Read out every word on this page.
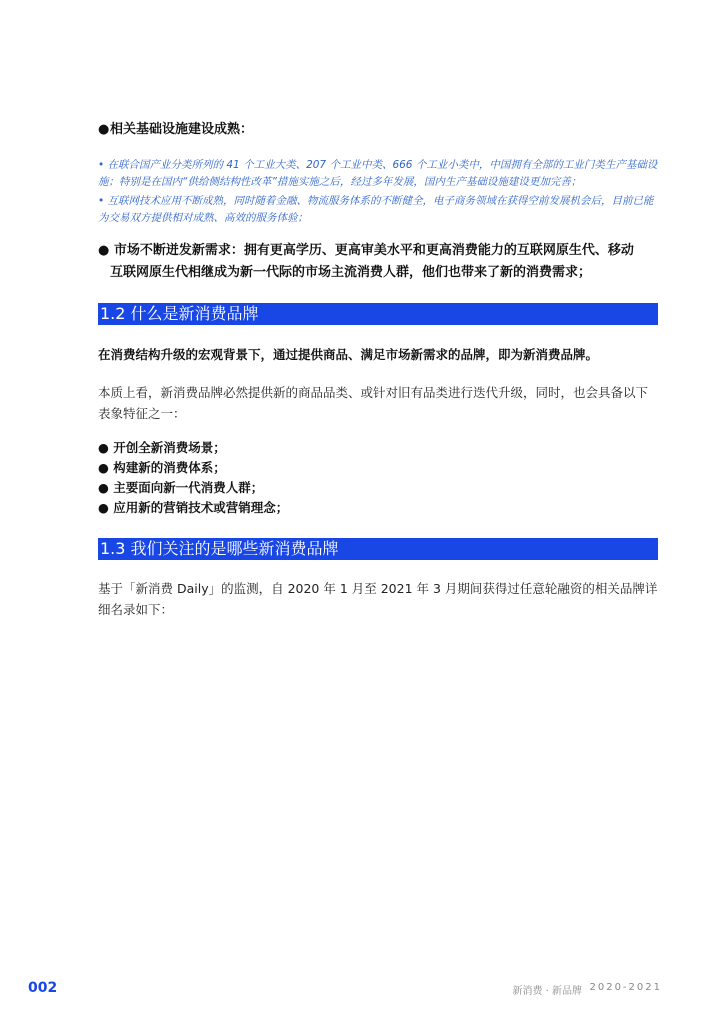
●相关基础设施建设成熟：
• 在联合国产业分类所列的 41 个工业大类、207 个工业中类、666 个工业小类中，中国拥有全部的工业门类生产基础设施；特别是在国内“供给侧结构性改革”措施实施之后，经过多年发展，国内生产基础设施建设更加完善；
• 互联网技术应用不断成熟，同时随着金融、物流服务体系的不断健全，电子商务领域在获得空前发展机会后，目前已能为交易双方提供相对成熟、高效的服务体验；
● 市场不断迸发新需求：拥有更高学历、更高审美水平和更高消费能力的互联网原生代、移动
互联网原生代相继成为新一代际的市场主流消费人群，他们也带来了新的消费需求；
1.2 什么是新消费品牌
在消费结构升级的宏观背景下，通过提供商品、满足市场新需求的品牌，即为新消费品牌。
本质上看，新消费品牌必然提供新的商品品类、或针对旧有品类进行迭代升级，同时，也会具备以下表象特征之一：
● 开创全新消费场景；
● 构建新的消费体系；
● 主要面向新一代消费人群；
● 应用新的营销技术或营销理念；
1.3 我们关注的是哪些新消费品牌
基于「新消费 Daily」的监测，自 2020 年 1 月至 2021 年 3 月期间获得过任意轮融资的相关品牌详细名录如下：
002	新消费 · 新品牌 2020-2021
